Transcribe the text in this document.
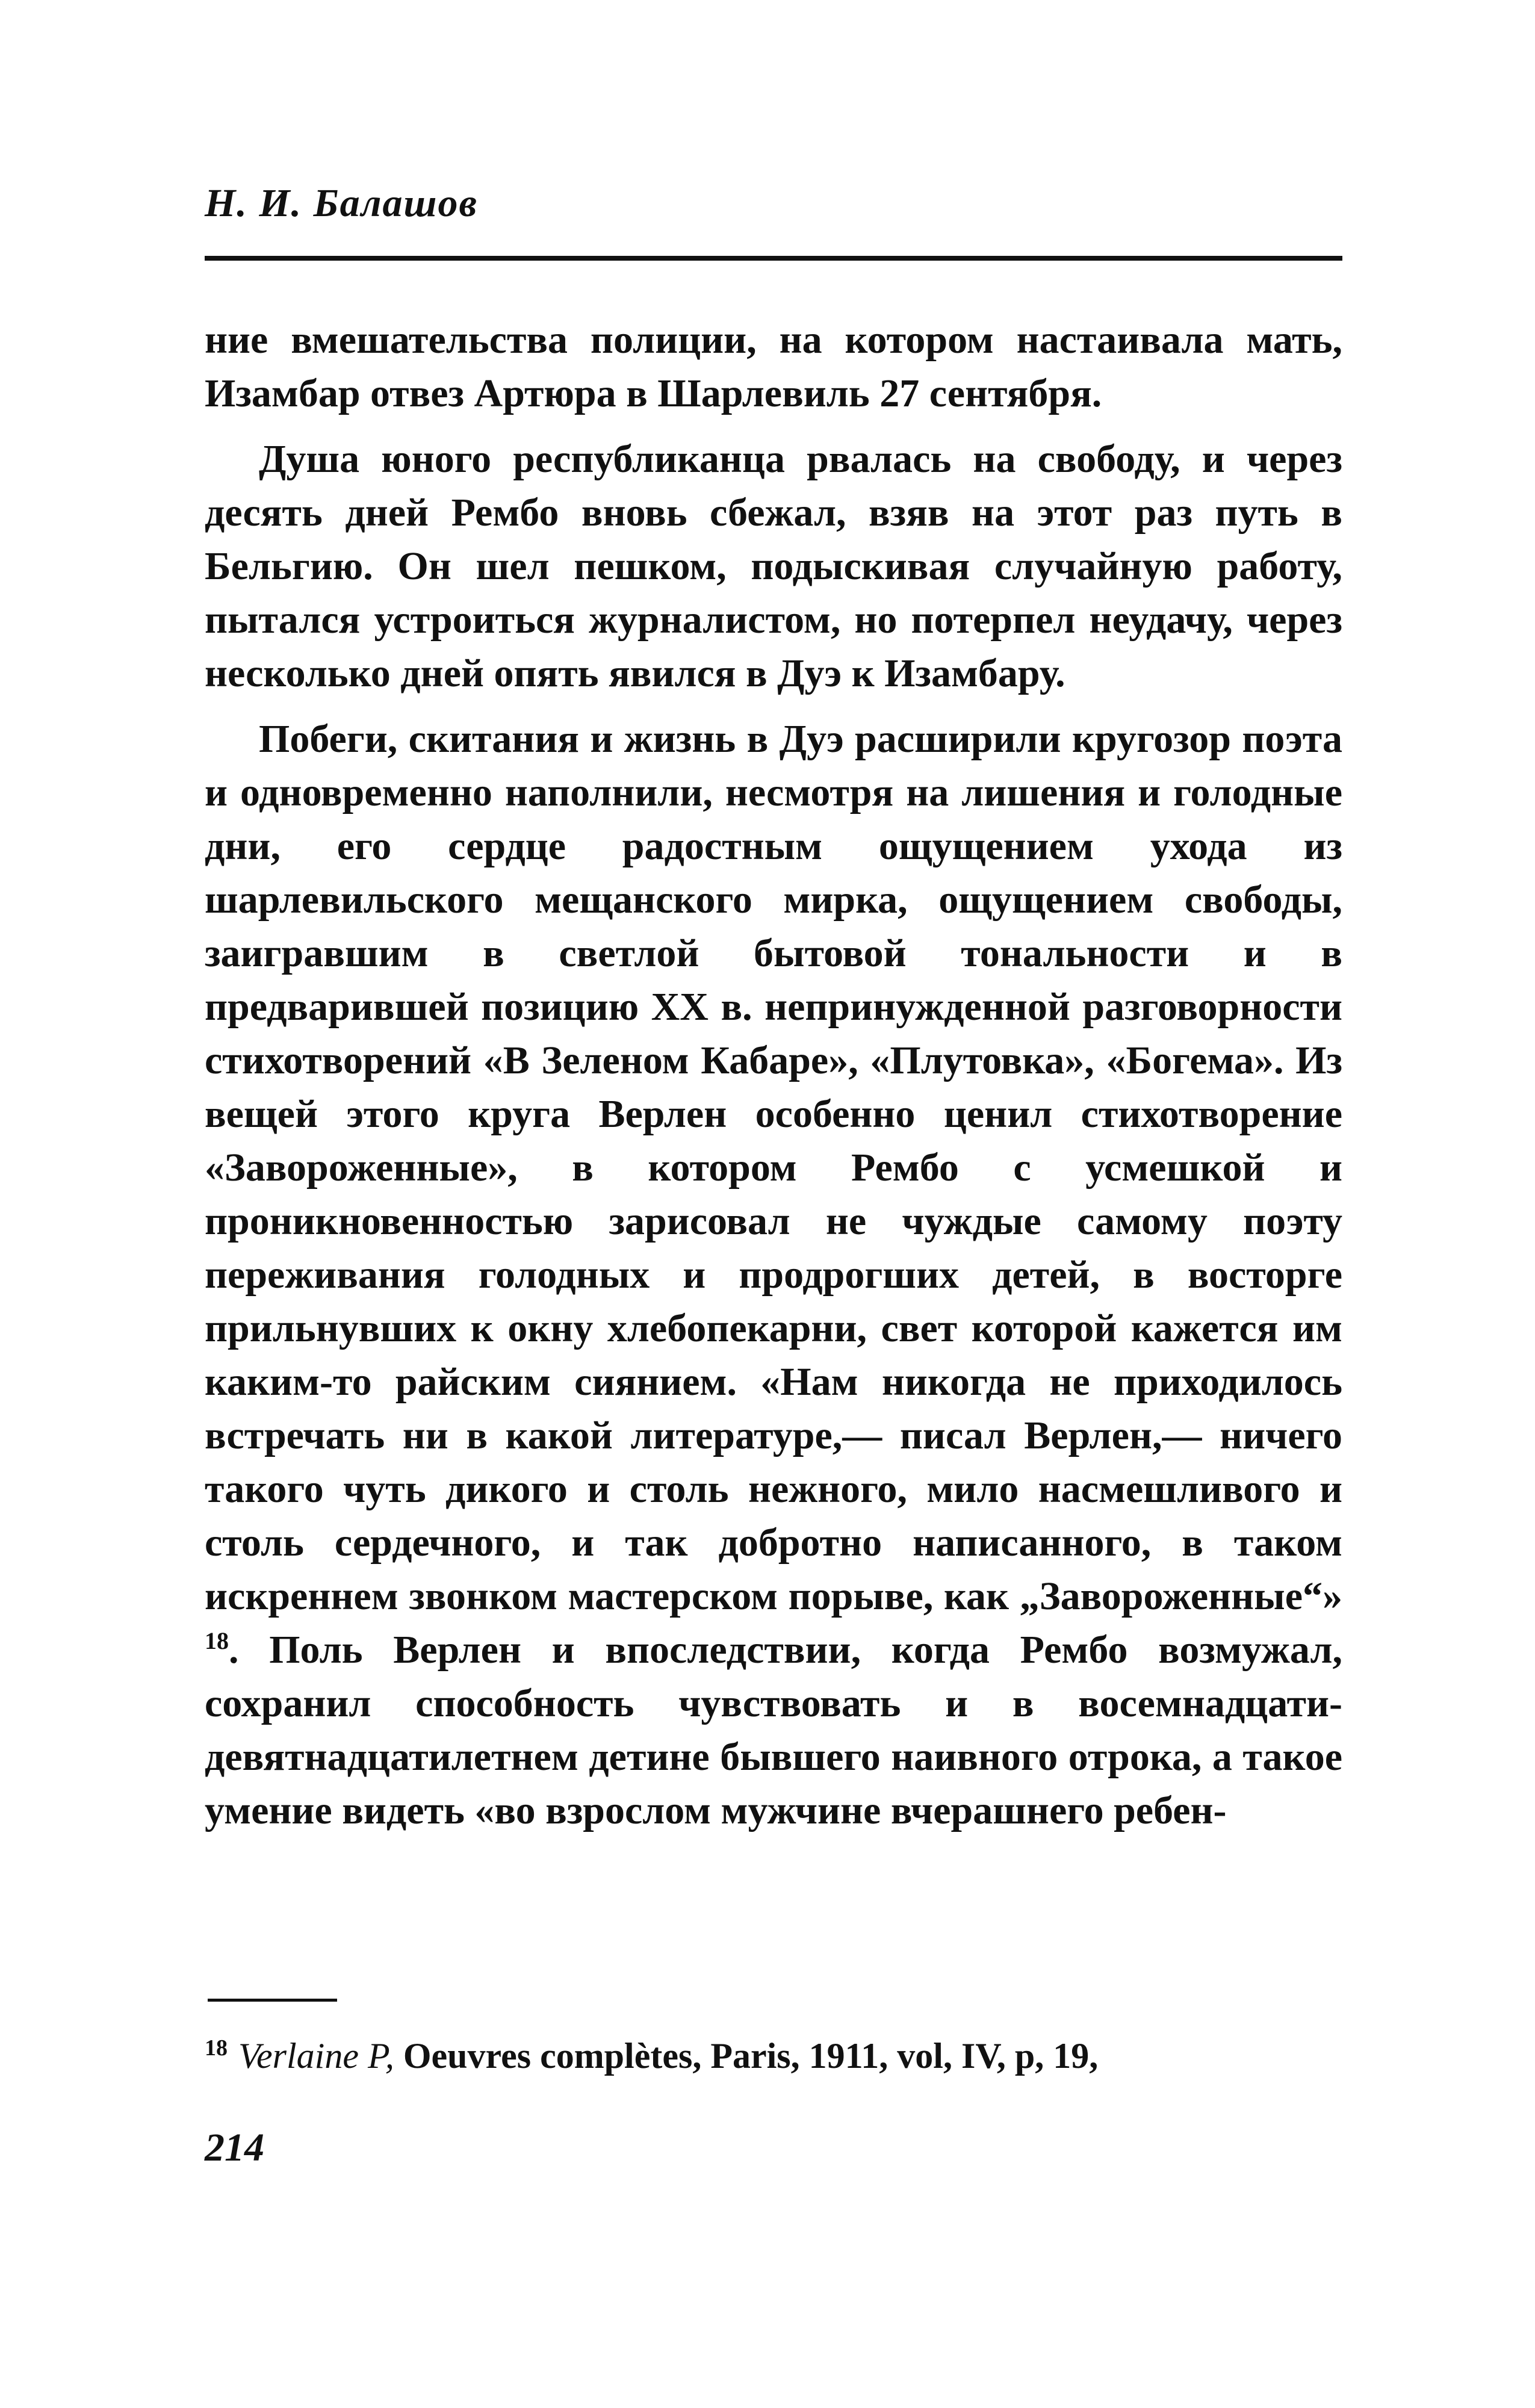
Н. И. Балашов

ние вмешательства полиции, на котором настаивала мать, Изамбар отвез Артюра в Шарлевиль 27 сентября.

Душа юного республиканца рвалась на свободу, и через десять дней Рембо вновь сбежал, взяв на этот раз путь в Бельгию. Он шел пешком, подыскивая случайную работу, пытался устроиться журналистом, но потерпел неудачу, через несколько дней опять явился в Дуэ к Изамбару.

Побеги, скитания и жизнь в Дуэ расширили кругозор поэта и одновременно наполнили, несмотря на лишения и голодные дни, его сердце радостным ощущением ухода из шарлевильского мещанского мирка, ощущением свободы, заигравшим в светлой бытовой тональности и в предварившей позицию XX в. непринужденной разговорности стихотворений «В Зеленом Кабаре», «Плутовка», «Богема». Из вещей этого круга Верлен особенно ценил стихотворение «Завороженные», в котором Рембо с усмешкой и проникновенностью зарисовал не чуждые самому поэту переживания голодных и продрогших детей, в восторге прильнувших к окну хлебопекарни, свет которой кажется им каким-то райским сиянием. «Нам никогда не приходилось встречать ни в какой литературе,— писал Верлен,— ничего такого чуть дикого и столь нежного, мило насмешливого и столь сердечного, и так добротно написанного, в таком искреннем звонком мастерском порыве, как „Завороженные“» $^{18}$. Поль Верлен и впоследствии, когда Рембо возмужал, сохранил способность чувствовать и в восемнадцати-девятнадцатилетнем детине бывшего наивного отрока, а такое умение видеть «во взрослом мужчине вчерашнего ребен-

$^{18}$ Verlaine P, Oeuvres complètes, Paris, 1911, vol, IV, p, 19,
214
